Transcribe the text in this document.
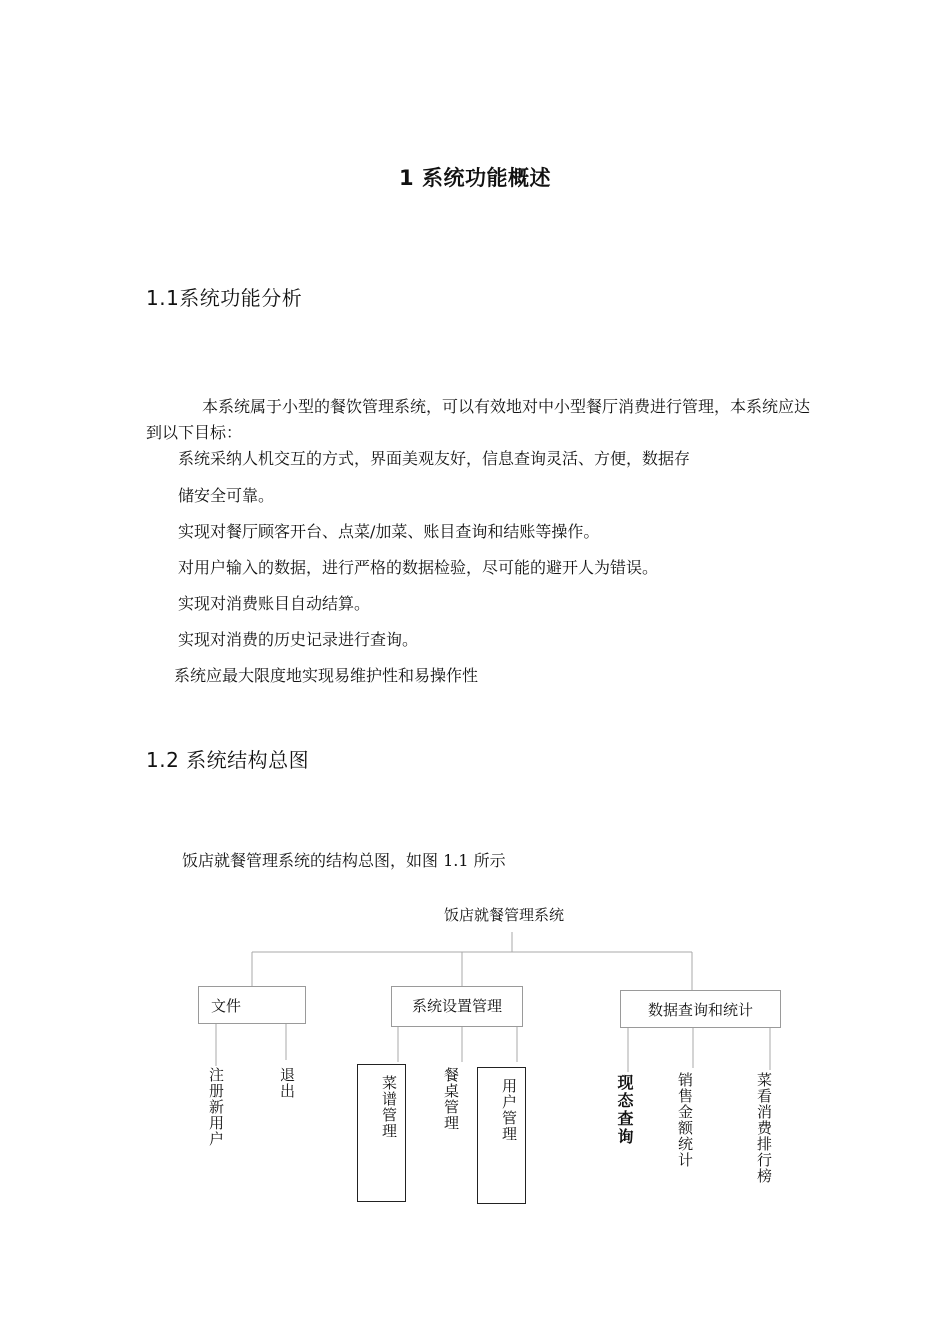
1 系统功能概述
1.1系统功能分析
本系统属于小型的餐饮管理系统，可以有效地对中小型餐厅消费进行管理，本系统应达到以下目标：
系统采纳人机交互的方式，界面美观友好，信息查询灵活、方便，数据存
储安全可靠。
实现对餐厅顾客开台、点菜/加菜、账目查询和结账等操作。
对用户输入的数据，进行严格的数据检验，尽可能的避开人为错误。
实现对消费账目自动结算。
实现对消费的历史记录进行查询。
系统应最大限度地实现易维护性和易操作性
1.2 系统结构总图
饭店就餐管理系统的结构总图，如图 1.1 所示
饭店就餐管理系统
文件	系统设置管理	数据查询和统计
注册新用户	退出	菜谱管理	餐桌管理	用户管理	现态查询	销售金额统计	菜看消费排行榜
